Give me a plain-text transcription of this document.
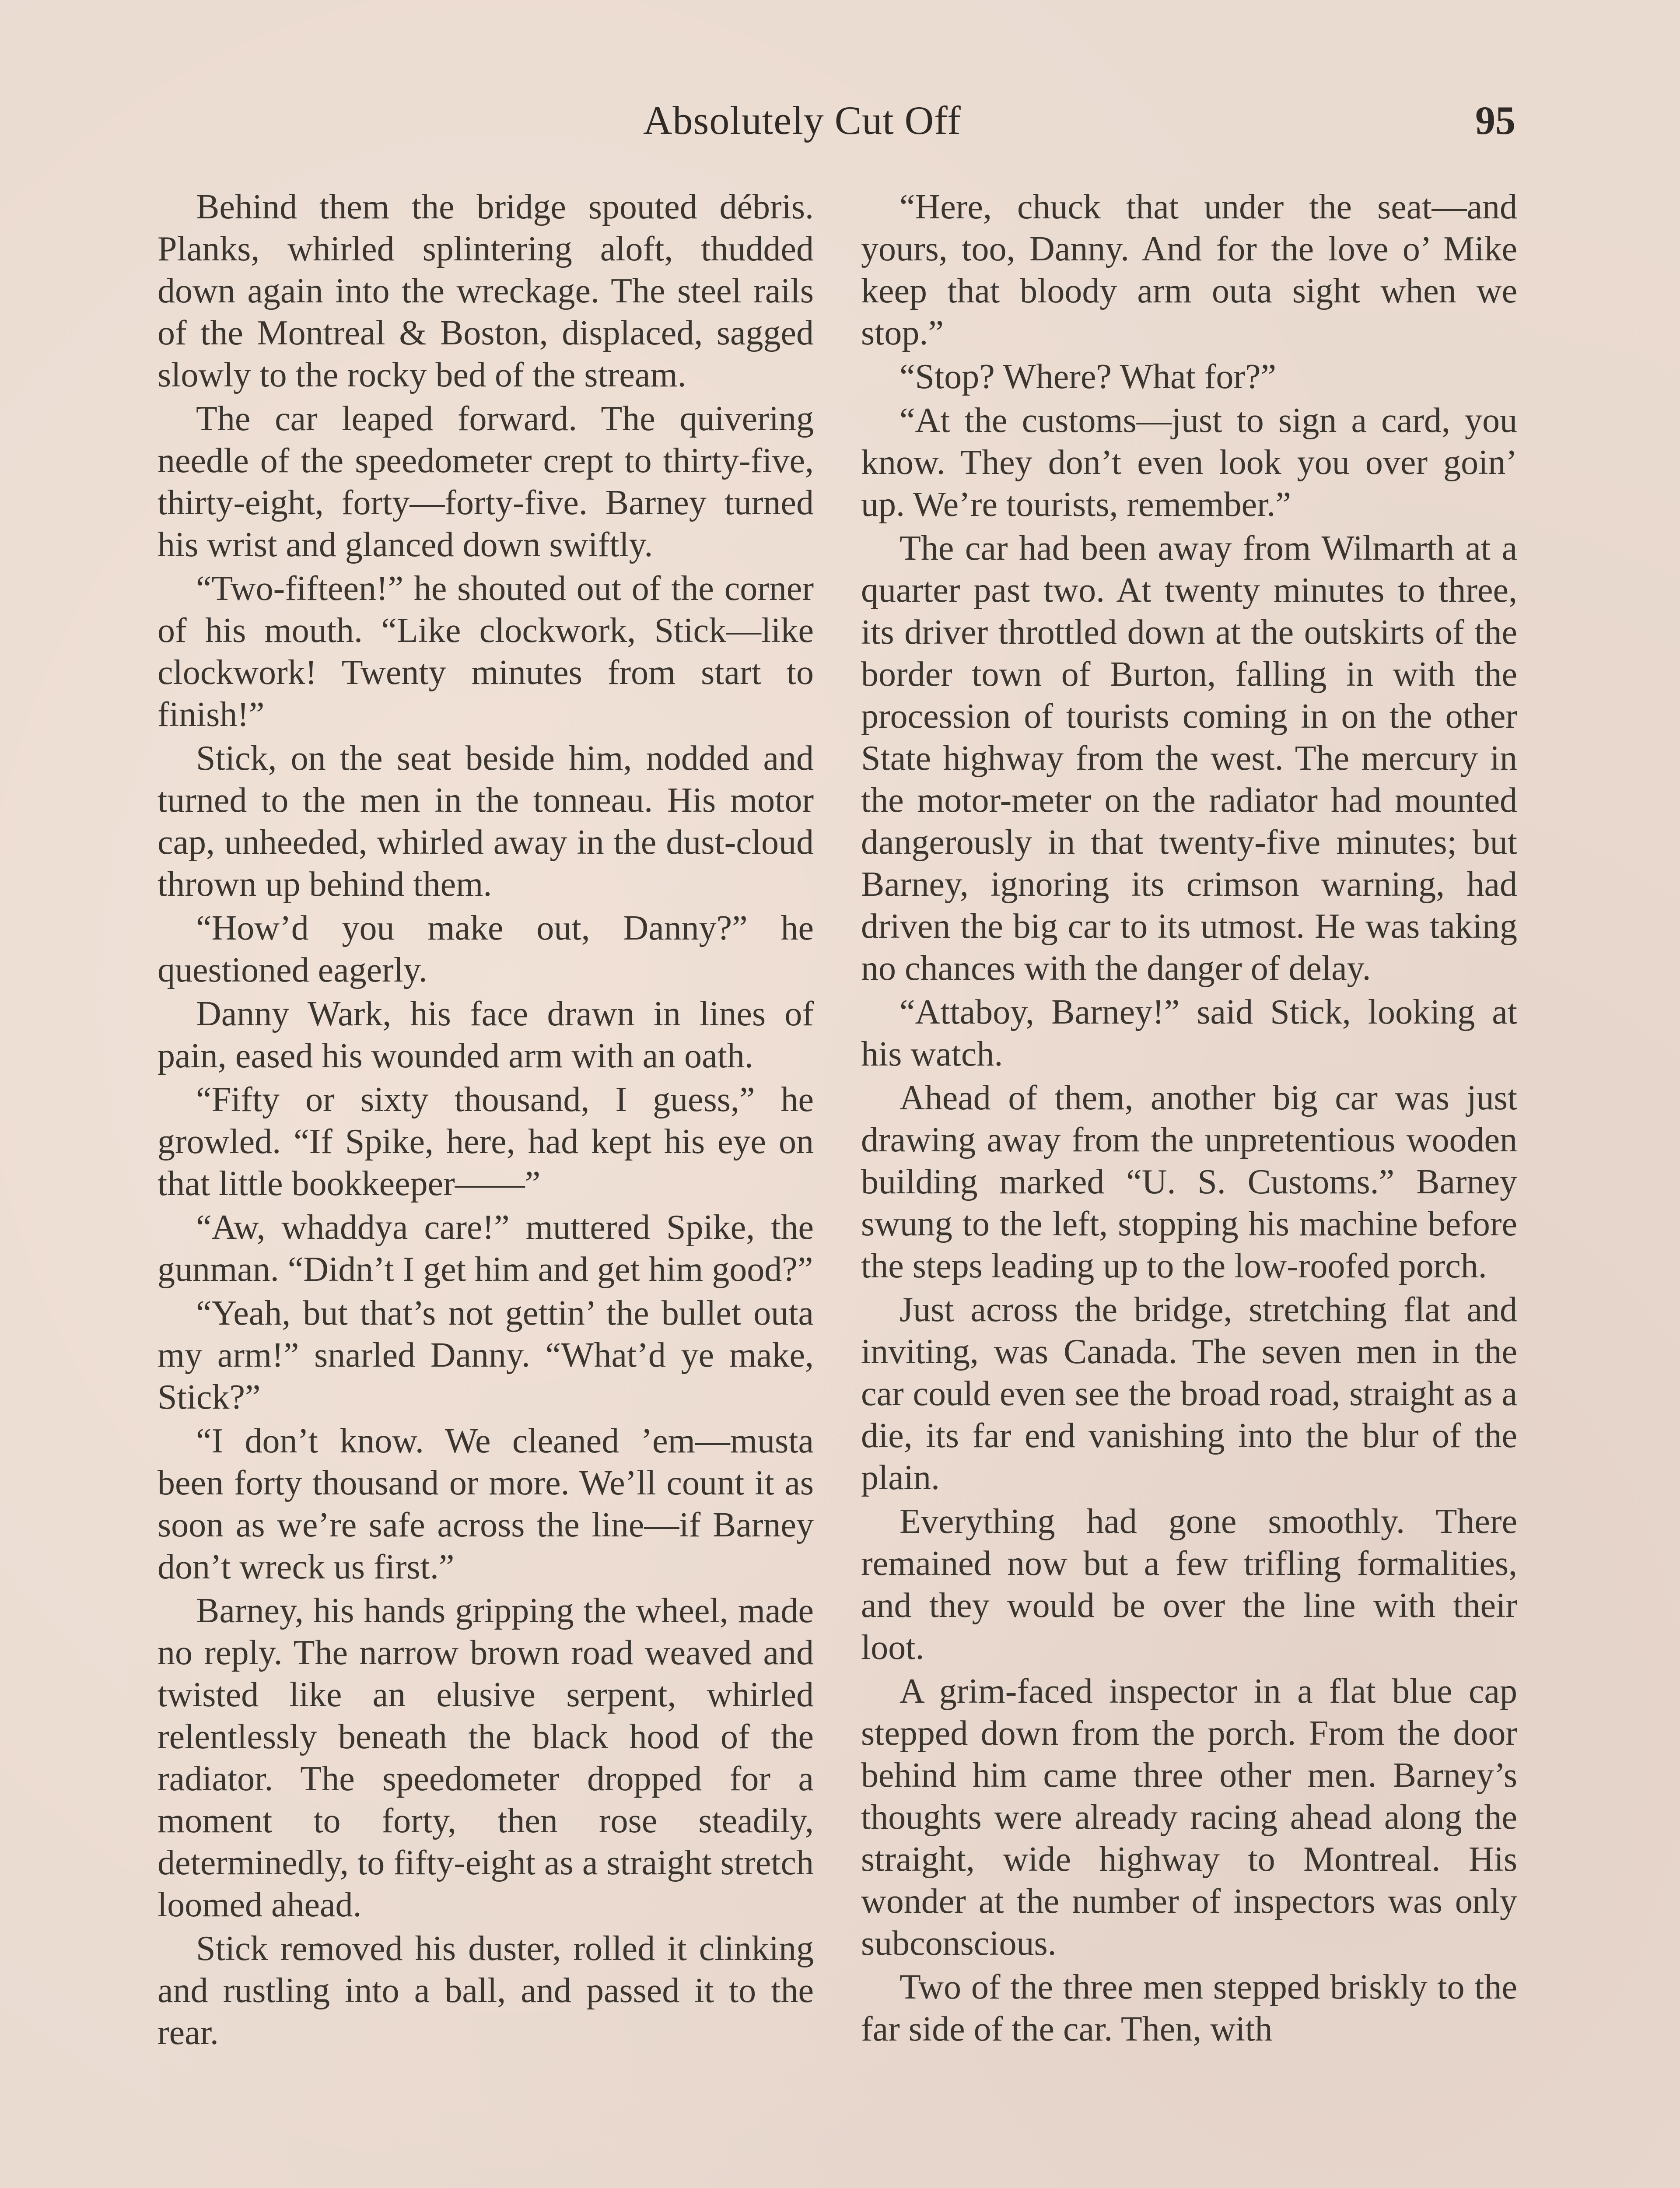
Absolutely Cut Off	95

Behind them the bridge spouted débris. Planks, whirled splintering aloft, thudded down again into the wreckage. The steel rails of the Montreal & Boston, displaced, sagged slowly to the rocky bed of the stream.

The car leaped forward. The quivering needle of the speedometer crept to thirty-five, thirty-eight, forty—forty-five. Barney turned his wrist and glanced down swiftly.

“Two-fifteen!” he shouted out of the corner of his mouth. “Like clockwork, Stick—like clockwork! Twenty minutes from start to finish!”

Stick, on the seat beside him, nodded and turned to the men in the tonneau. His motor cap, unheeded, whirled away in the dust-cloud thrown up behind them.

“How’d you make out, Danny?” he questioned eagerly.

Danny Wark, his face drawn in lines of pain, eased his wounded arm with an oath.

“Fifty or sixty thousand, I guess,” he growled. “If Spike, here, had kept his eye on that little bookkeeper——”

“Aw, whaddya care!” muttered Spike, the gunman. “Didn’t I get him and get him good?”

“Yeah, but that’s not gettin’ the bullet outa my arm!” snarled Danny. “What’d ye make, Stick?”

“I don’t know. We cleaned ’em—musta been forty thousand or more. We’ll count it as soon as we’re safe across the line—if Barney don’t wreck us first.”

Barney, his hands gripping the wheel, made no reply. The narrow brown road weaved and twisted like an elusive serpent, whirled relentlessly beneath the black hood of the radiator. The speedometer dropped for a moment to forty, then rose steadily, determinedly, to fifty-eight as a straight stretch loomed ahead.

Stick removed his duster, rolled it clinking and rustling into a ball, and passed it to the rear.

“Here, chuck that under the seat—and yours, too, Danny. And for the love o’ Mike keep that bloody arm outa sight when we stop.”

“Stop? Where? What for?”

“At the customs—just to sign a card, you know. They don’t even look you over goin’ up. We’re tourists, remember.”

The car had been away from Wilmarth at a quarter past two. At twenty minutes to three, its driver throttled down at the outskirts of the border town of Burton, falling in with the procession of tourists coming in on the other State highway from the west. The mercury in the motor-meter on the radiator had mounted dangerously in that twenty-five minutes; but Barney, ignoring its crimson warning, had driven the big car to its utmost. He was taking no chances with the danger of delay.

“Attaboy, Barney!” said Stick, looking at his watch.

Ahead of them, another big car was just drawing away from the unpretentious wooden building marked “U. S. Customs.” Barney swung to the left, stopping his machine before the steps leading up to the low-roofed porch.

Just across the bridge, stretching flat and inviting, was Canada. The seven men in the car could even see the broad road, straight as a die, its far end vanishing into the blur of the plain.

Everything had gone smoothly. There remained now but a few trifling formalities, and they would be over the line with their loot.

A grim-faced inspector in a flat blue cap stepped down from the porch. From the door behind him came three other men. Barney’s thoughts were already racing ahead along the straight, wide highway to Montreal. His wonder at the number of inspectors was only subconscious.

Two of the three men stepped briskly to the far side of the car. Then, with
